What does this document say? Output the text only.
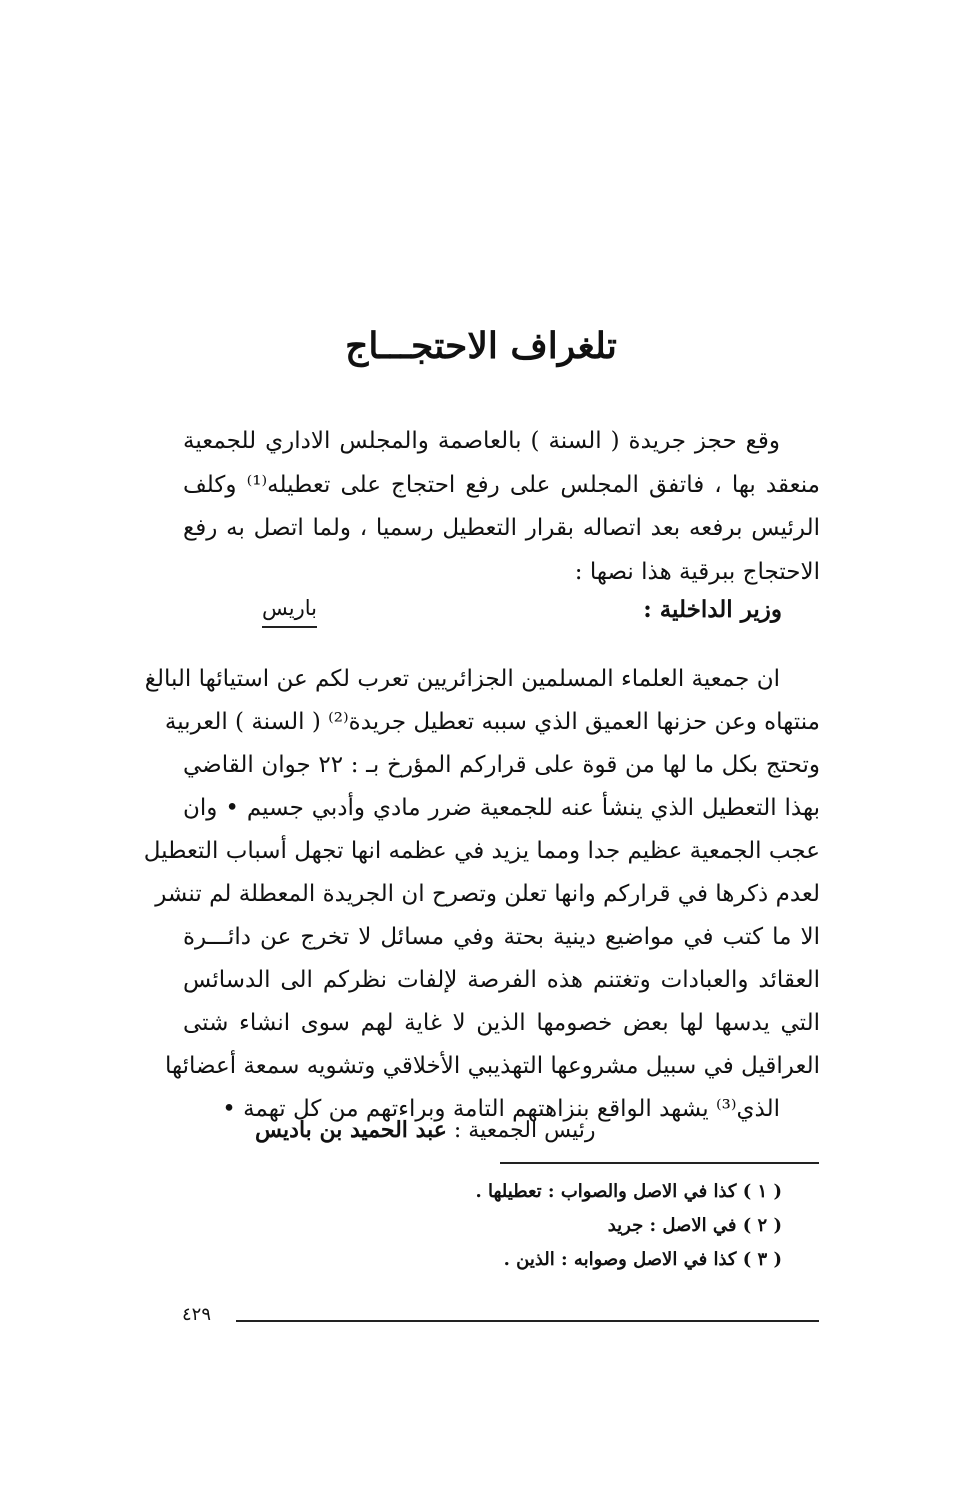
تلغراف الاحتجـــاج
وقع حجز جريدة ( السنة ) بالعاصمة والمجلس الاداري للجمعية
منعقد بها ، فاتفق المجلس على رفع احتجاج على تعطيله⁽¹⁾ وكلف
الرئيس برفعه بعد اتصاله بقرار التعطيل رسميا ، ولما اتصل به رفع
الاحتجاج ببرقية هذا نصها :

وزير الداخلية :

باريس

ان جمعية العلماء المسلمين الجزائريين تعرب لكم عن استيائها البالغ
منتهاه وعن حزنها العميق الذي سببه تعطيل جريدة⁽²⁾ ( السنة ) العربية
وتحتج بكل ما لها من قوة على قراركم المؤرخ بـ : ٢٢ جوان القاضي
بهذا التعطيل الذي ينشأ عنه للجمعية ضرر مادي وأدبي جسيم • وان
عجب الجمعية عظيم جدا ومما يزيد في عظمه انها تجهل أسباب التعطيل
لعدم ذكرها في قراركم وانها تعلن وتصرح ان الجريدة المعطلة لم تنشر
الا ما كتب في مواضيع دينية بحتة وفي مسائل لا تخرج عن دائـــرة
العقائد والعبادات وتغتنم هذه الفرصة لإلفات نظركم الى الدسائس
التي يدسها لها بعض خصومها الذين لا غاية لهم سوى انشاء شتى
العراقيل في سبيل مشروعها التهذيبي الأخلاقي وتشويه سمعة أعضائها
الذي⁽³⁾ يشهد الواقع بنزاهتهم التامة وبراءتهم من كل تهمة •

رئيس الجمعية : عبد الحميد بن باديس

( ١ ) كذا في الاصل والصواب : تعطيلها .
( ٢ ) في الاصل : جريد
( ٣ ) كذا في الاصل وصوابه : الذين .

٤٢٩
